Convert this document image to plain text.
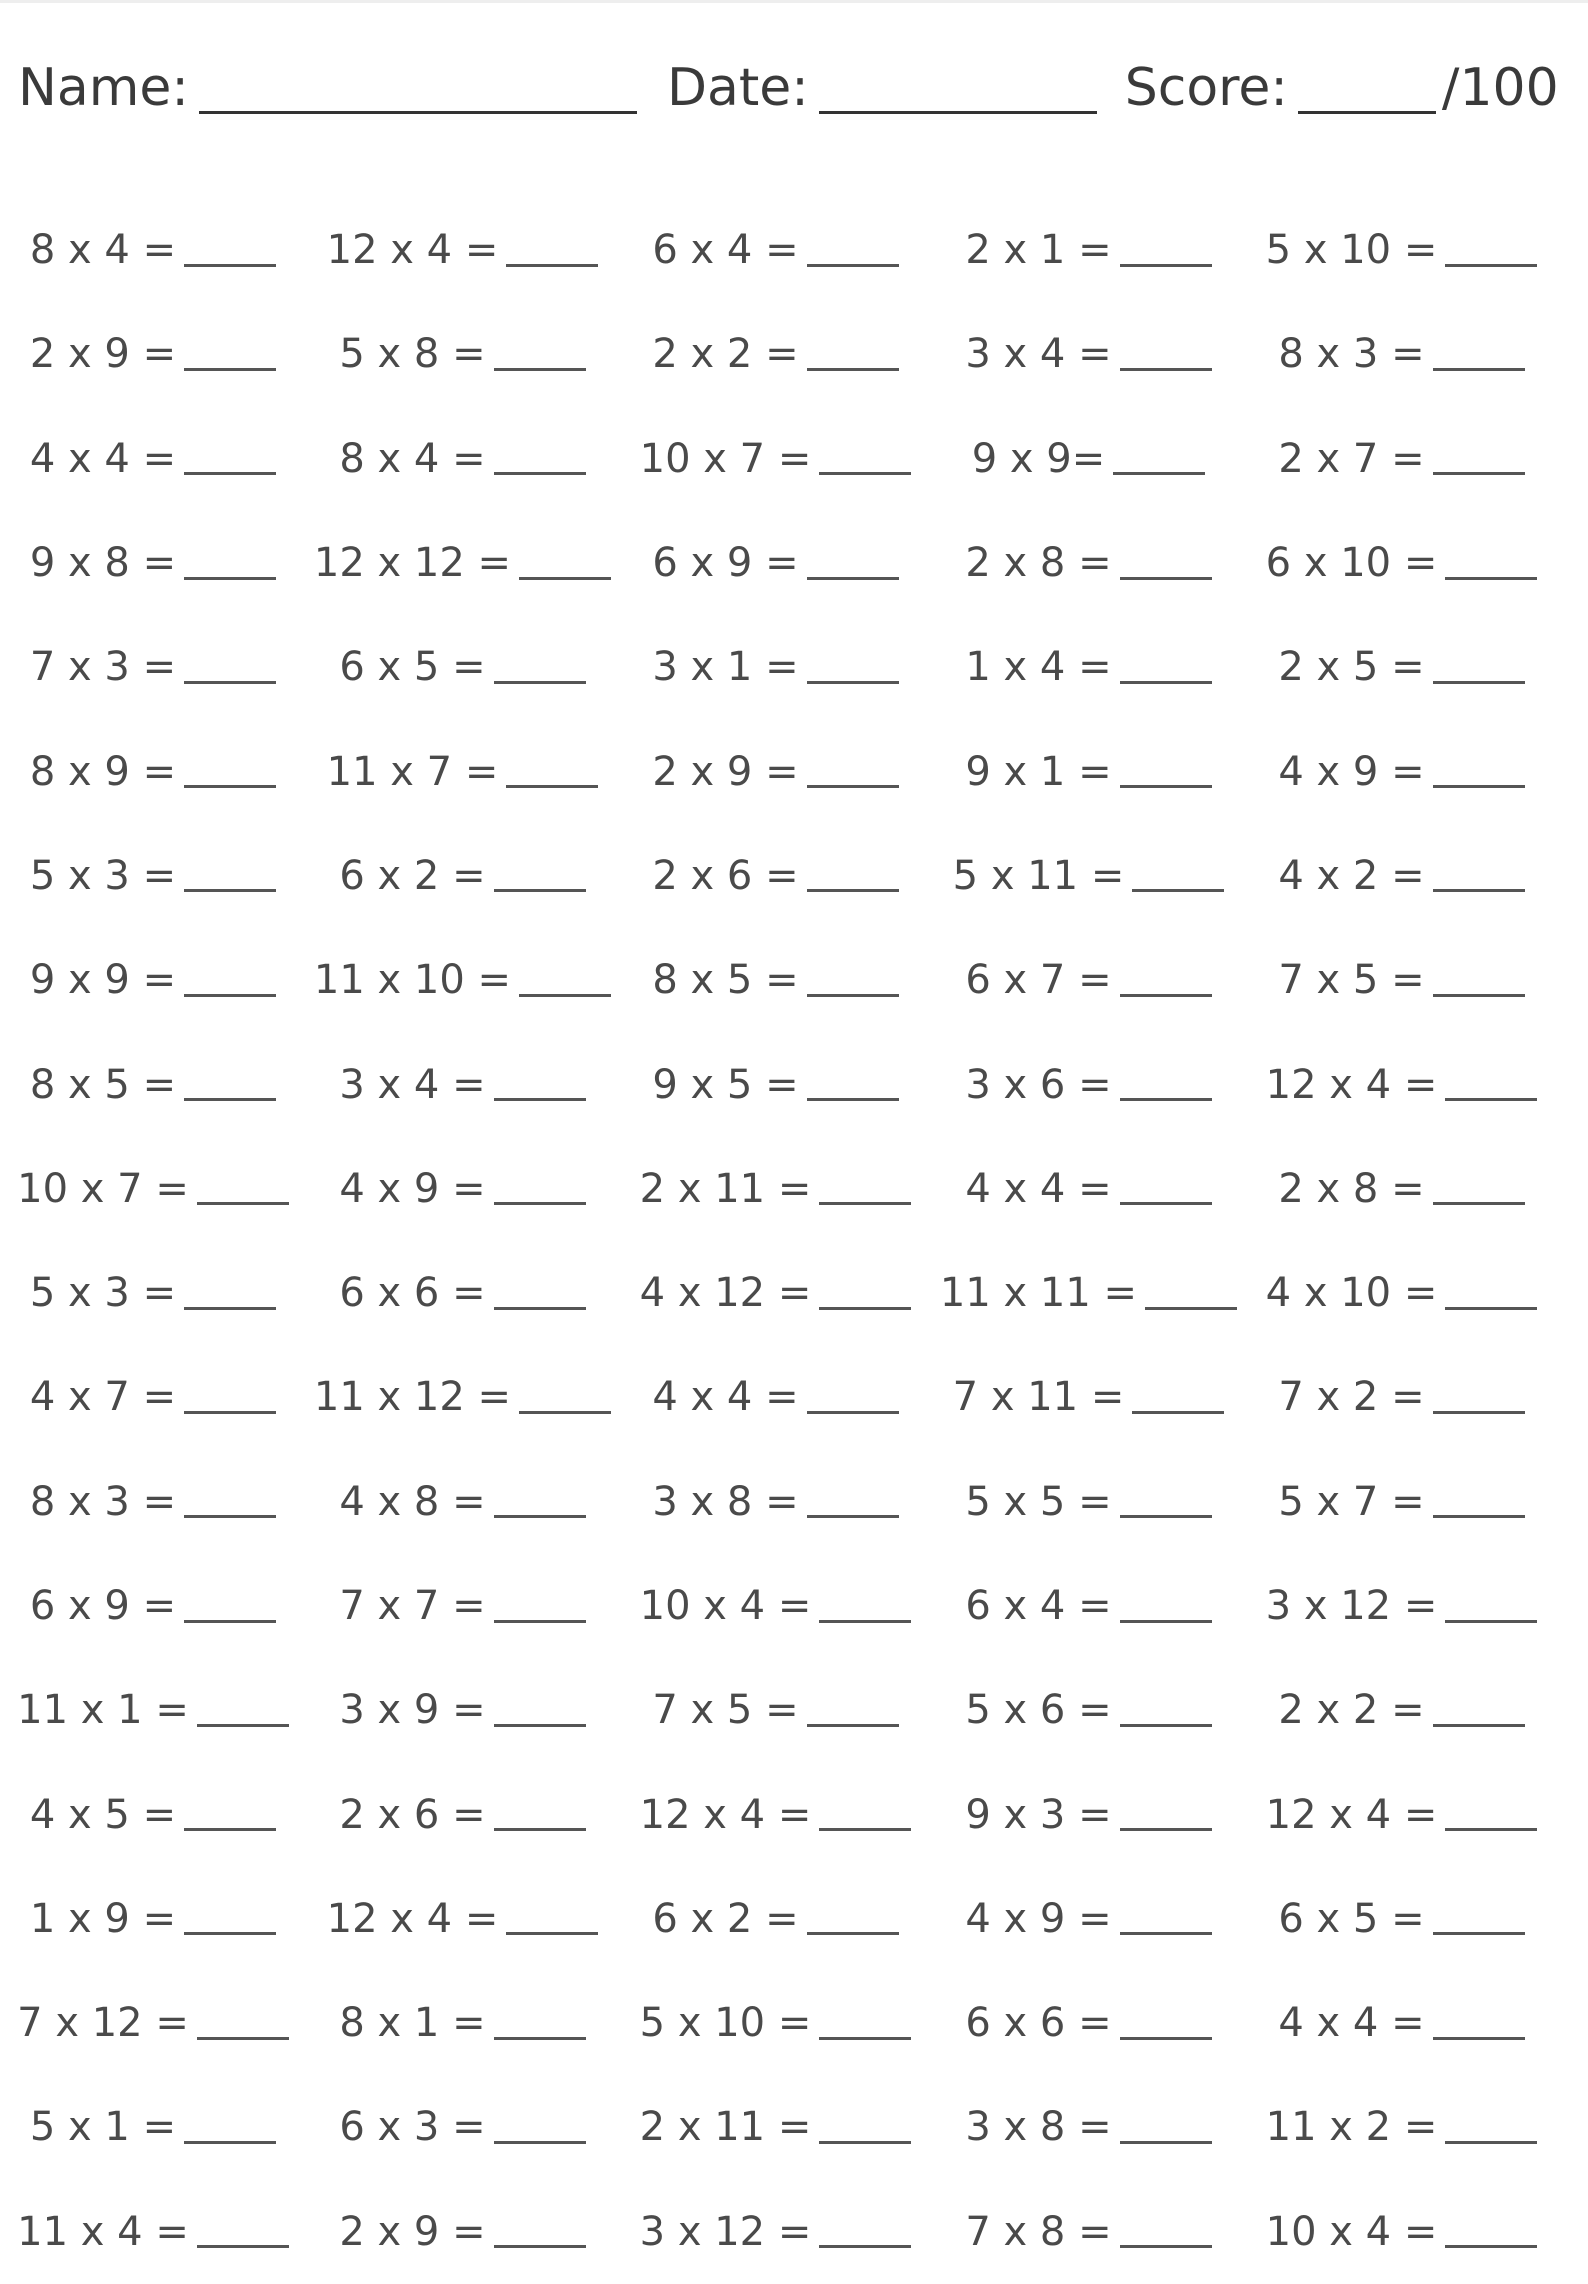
Name:	Date:	Score:	/100
8 x 4 =	12 x 4 =	6 x 4 =	2 x 1 =	5 x 10 =
2 x 9 =	5 x 8 =	2 x 2 =	3 x 4 =	8 x 3 =
4 x 4 =	8 x 4 =	10 x 7 =	9 x 9=	2 x 7 =
9 x 8 =	12 x 12 =	6 x 9 =	2 x 8 =	6 x 10 =
7 x 3 =	6 x 5 =	3 x 1 =	1 x 4 =	2 x 5 =
8 x 9 =	11 x 7 =	2 x 9 =	9 x 1 =	4 x 9 =
5 x 3 =	6 x 2 =	2 x 6 =	5 x 11 =	4 x 2 =
9 x 9 =	11 x 10 =	8 x 5 =	6 x 7 =	7 x 5 =
8 x 5 =	3 x 4 =	9 x 5 =	3 x 6 =	12 x 4 =
10 x 7 =	4 x 9 =	2 x 11 =	4 x 4 =	2 x 8 =
5 x 3 =	6 x 6 =	4 x 12 =	11 x 11 =	4 x 10 =
4 x 7 =	11 x 12 =	4 x 4 =	7 x 11 =	7 x 2 =
8 x 3 =	4 x 8 =	3 x 8 =	5 x 5 =	5 x 7 =
6 x 9 =	7 x 7 =	10 x 4 =	6 x 4 =	3 x 12 =
11 x 1 =	3 x 9 =	7 x 5 =	5 x 6 =	2 x 2 =
4 x 5 =	2 x 6 =	12 x 4 =	9 x 3 =	12 x 4 =
1 x 9 =	12 x 4 =	6 x 2 =	4 x 9 =	6 x 5 =
7 x 12 =	8 x 1 =	5 x 10 =	6 x 6 =	4 x 4 =
5 x 1 =	6 x 3 =	2 x 11 =	3 x 8 =	11 x 2 =
11 x 4 =	2 x 9 =	3 x 12 =	7 x 8 =	10 x 4 =
